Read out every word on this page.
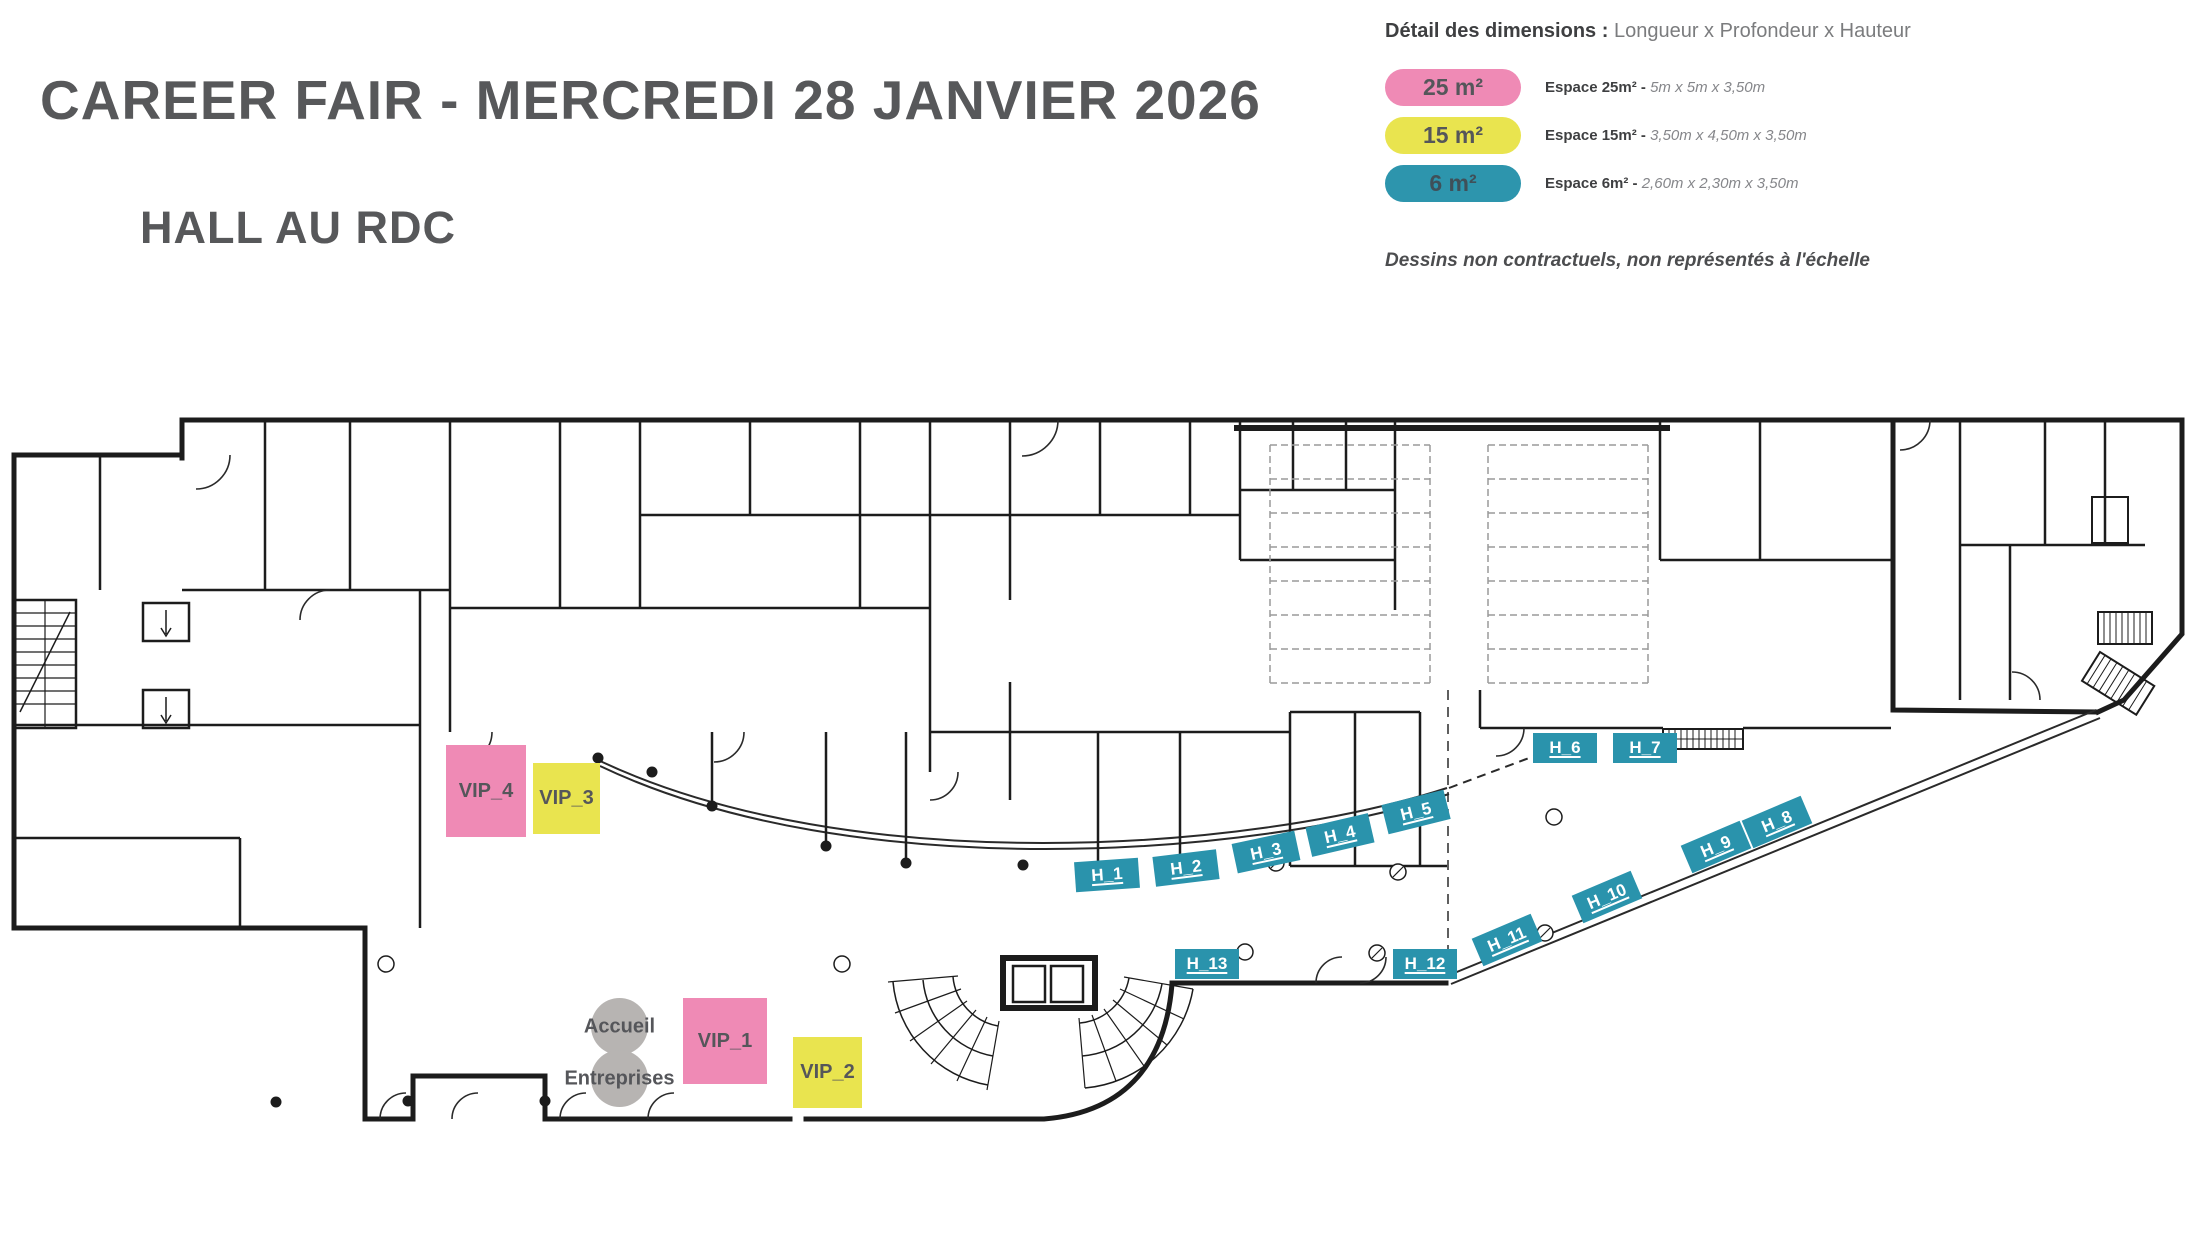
CAREER FAIR - MERCREDI 28 JANVIER 2026
HALL AU RDC
Détail des dimensions : Longueur x Profondeur x Hauteur
25 m²	Espace 25m² - 5m x 5m x 3,50m
15 m²	Espace 15m² - 3,50m x 4,50m x 3,50m
6 m²	Espace 6m² - 2,60m x 2,30m x 3,50m
Dessins non contractuels, non représentés à l'échelle
VIP_1
VIP_2
VIP_3
VIP_4
Accueil
Entreprises
H_1	H_2
H_3
H_4
H_5
H_6	H_7
H_8
H_9
H_10
H_11
H_12
H_13
